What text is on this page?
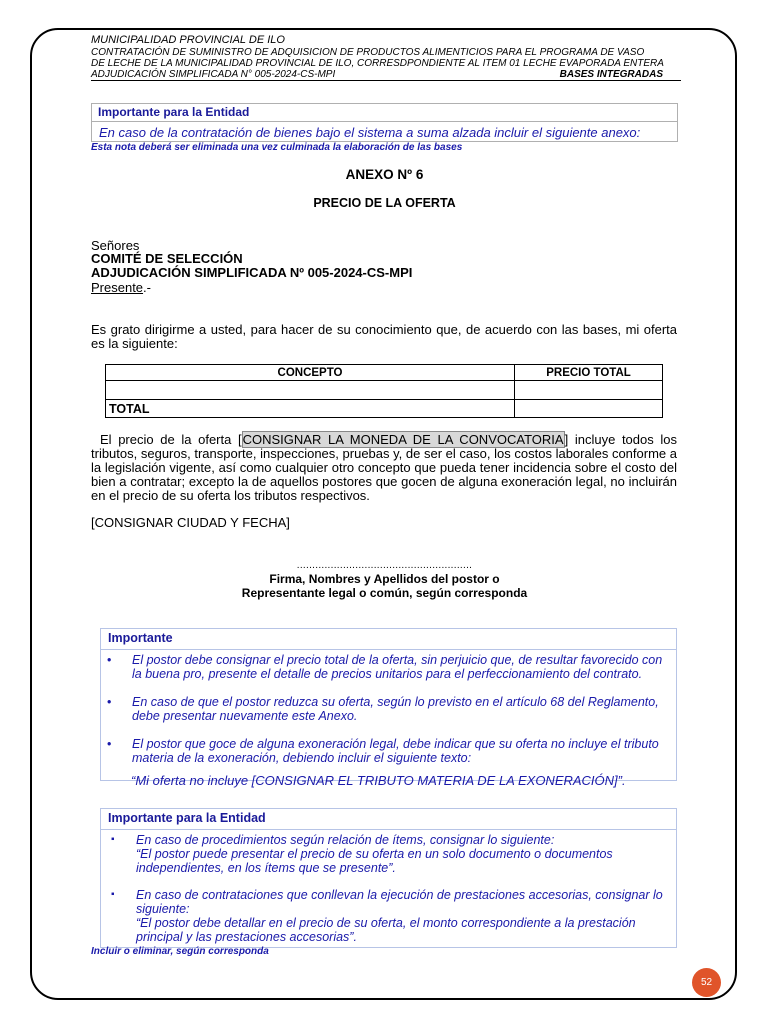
MUNICIPALIDAD PROVINCIAL DE ILO
CONTRATACIÓN DE SUMINISTRO DE ADQUISICION DE PRODUCTOS ALIMENTICIOS PARA EL PROGRAMA DE VASO
DE LECHE DE LA MUNICIPALIDAD PROVINCIAL DE ILO, CORRESDPONDIENTE AL ITEM 01 LECHE EVAPORADA ENTERA
ADJUDICACIÓN SIMPLIFICADA N° 005-2024-CS-MPI	BASES INTEGRADAS
Importante para la Entidad
En caso de la contratación de bienes bajo el sistema a suma alzada incluir el siguiente anexo:
Esta nota deberá ser eliminada una vez culminada la elaboración de las bases
ANEXO Nº 6
PRECIO DE LA OFERTA
Señores
COMITÉ DE SELECCIÓN
ADJUDICACIÓN SIMPLIFICADA Nº 005-2024-CS-MPI
Presente.-
Es grato dirigirme a usted, para hacer de su conocimiento que, de acuerdo con las bases, mi oferta es la siguiente:
CONCEPTO	PRECIO TOTAL

TOTAL	
El precio de la oferta [CONSIGNAR LA MONEDA DE LA CONVOCATORIA] incluye todos los tributos, seguros, transporte, inspecciones, pruebas y, de ser el caso, los costos laborales conforme a la legislación vigente, así como cualquier otro concepto que pueda tener incidencia sobre el costo del bien a contratar; excepto la de aquellos postores que gocen de alguna exoneración legal, no incluirán en el precio de su oferta los tributos respectivos.
[CONSIGNAR CIUDAD Y FECHA]
.........................................................
Firma, Nombres y Apellidos del postor o
Representante legal o común, según corresponda
Importante
•	El postor debe consignar el precio total de la oferta, sin perjuicio que, de resultar favorecido con la buena pro, presente el detalle de precios unitarios para el perfeccionamiento del contrato.
•	En caso de que el postor reduzca su oferta, según lo previsto en el artículo 68 del Reglamento, debe presentar nuevamente este Anexo.
•	El postor que goce de alguna exoneración legal, debe indicar que su oferta no incluye el tributo materia de la exoneración, debiendo incluir el siguiente texto:
“Mi oferta no incluye [CONSIGNAR EL TRIBUTO MATERIA DE LA EXONERACIÓN]”.
Importante para la Entidad
▪	En caso de procedimientos según relación de ítems, consignar lo siguiente:
“El postor puede presentar el precio de su oferta en un solo documento o documentos independientes, en los ítems que se presente”.
▪	En caso de contrataciones que conllevan la ejecución de prestaciones accesorias, consignar lo siguiente:
“El postor debe detallar en el precio de su oferta, el monto correspondiente a la prestación principal y las prestaciones accesorias”.
Incluir o eliminar, según corresponda
52
